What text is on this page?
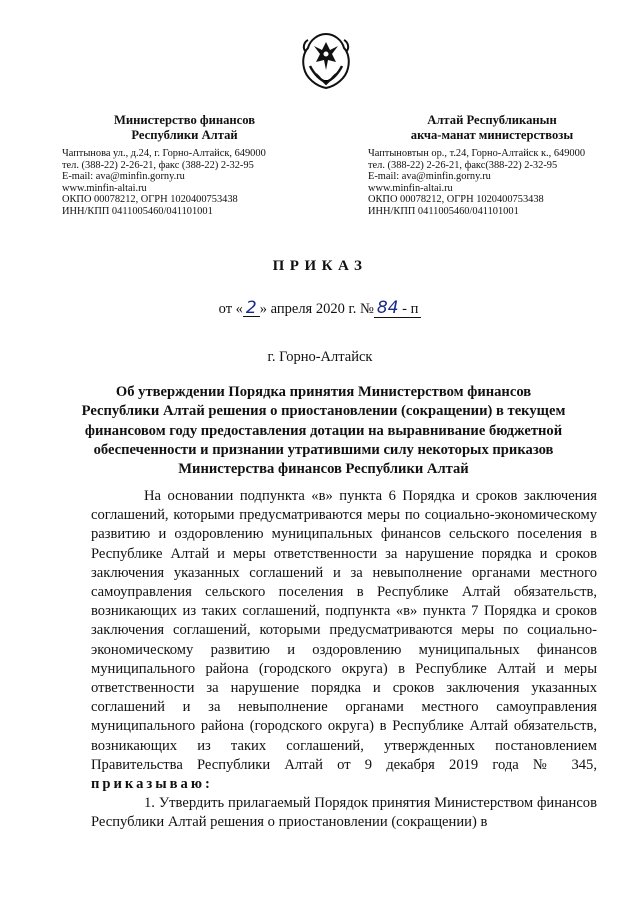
Министерство финансов
Республики Алтай
Чаптынова ул., д.24, г. Горно-Алтайск, 649000
тел. (388-22) 2-26-21, факс (388-22) 2-32-95
E-mail: ava@minfin.gorny.ru
www.minfin-altai.ru
ОКПО 00078212, ОГРН 1020400753438
ИНН/КПП 0411005460/041101001
Алтай Республиканын
акча-манат министерствозы
Чаптыновтын ор., т.24, Горно-Алтайск к., 649000
тел. (388-22) 2-26-21, факс(388-22) 2-32-95
E-mail: ava@minfin.gorny.ru
www.minfin-altai.ru
ОКПО 00078212, ОГРН 1020400753438
ИНН/КПП 0411005460/041101001
ПРИКАЗ
от « 2 » апреля 2020 г. № 84 - п
г. Горно-Алтайск
Об утверждении Порядка принятия Министерством финансов Республики Алтай решения о приостановлении (сокращении) в текущем финансовом году предоставления дотации на выравнивание бюджетной обеспеченности и признании утратившими силу некоторых приказов Министерства финансов Республики Алтай

На основании подпункта «в» пункта 6 Порядка и сроков заключения соглашений, которыми предусматриваются меры по социально-экономическому развитию и оздоровлению муниципальных финансов сельского поселения в Республике Алтай и меры ответственности за нарушение порядка и сроков заключения указанных соглашений и за невыполнение органами местного самоуправления сельского поселения в Республике Алтай обязательств, возникающих из таких соглашений, подпункта «в» пункта 7 Порядка и сроков заключения соглашений, которыми предусматриваются меры по социально-экономическому развитию и оздоровлению муниципальных финансов муниципального района (городского округа) в Республике Алтай и меры ответственности за нарушение порядка и сроков заключения указанных соглашений и за невыполнение органами местного самоуправления муниципального района (городского округа) в Республике Алтай обязательств, возникающих из таких соглашений, утвержденных постановлением Правительства Республики Алтай от 9 декабря 2019 года № 345, приказываю:

1. Утвердить прилагаемый Порядок принятия Министерством финансов Республики Алтай решения о приостановлении (сокращении) в
